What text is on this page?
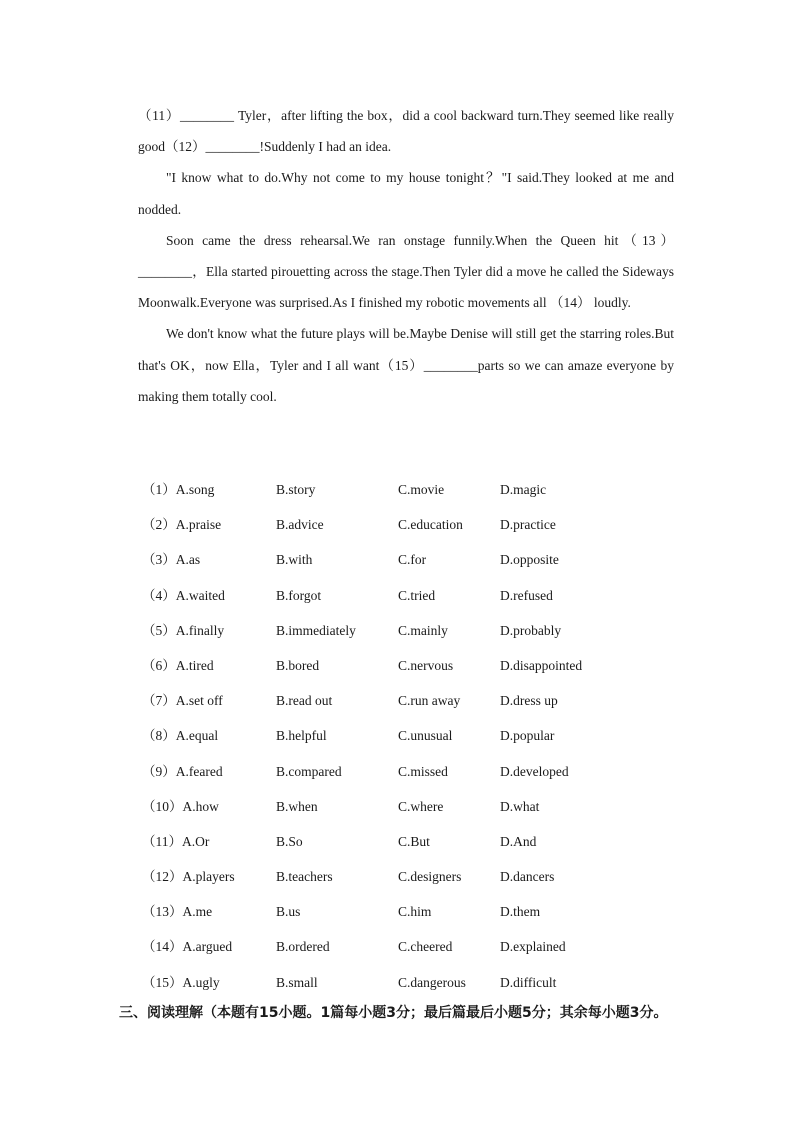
（11）________ Tyler，after lifting the box，did a cool backward turn.They seemed like really good（12）________!Suddenly I had an idea.

"I know what to do.Why not come to my house tonight？"I said.They looked at me and nodded.

Soon came the dress rehearsal.We ran onstage funnily.When the Queen hit（13）________，Ella started pirouetting across the stage.Then Tyler did a move he called the Sideways Moonwalk.Everyone was surprised.As I finished my robotic movements all （14） loudly.

We don't know what the future plays will be.Maybe Denise will still get the starring roles.But that's OK，now Ella，Tyler and I all want（15）________parts so we can amaze everyone by making them totally cool.

（1）A.song	B.story	C.movie	D.magic
（2）A.praise	B.advice	C.education	D.practice
（3）A.as	B.with	C.for	D.opposite
（4）A.waited	B.forgot	C.tried	D.refused
（5）A.finally	B.immediately	C.mainly	D.probably
（6）A.tired	B.bored	C.nervous	D.disappointed
（7）A.set off	B.read out	C.run away	D.dress up
（8）A.equal	B.helpful	C.unusual	D.popular
（9）A.feared	B.compared	C.missed	D.developed
（10）A.how	B.when	C.where	D.what
（11）A.Or	B.So	C.But	D.And
（12）A.players	B.teachers	C.designers	D.dancers
（13）A.me	B.us	C.him	D.them
（14）A.argued	B.ordered	C.cheered	D.explained
（15）A.ugly	B.small	C.dangerous	D.difficult
三、阅读理解（本题有15小题。1篇每小题3分；最后篇最后小题5分；其余每小题3分。
